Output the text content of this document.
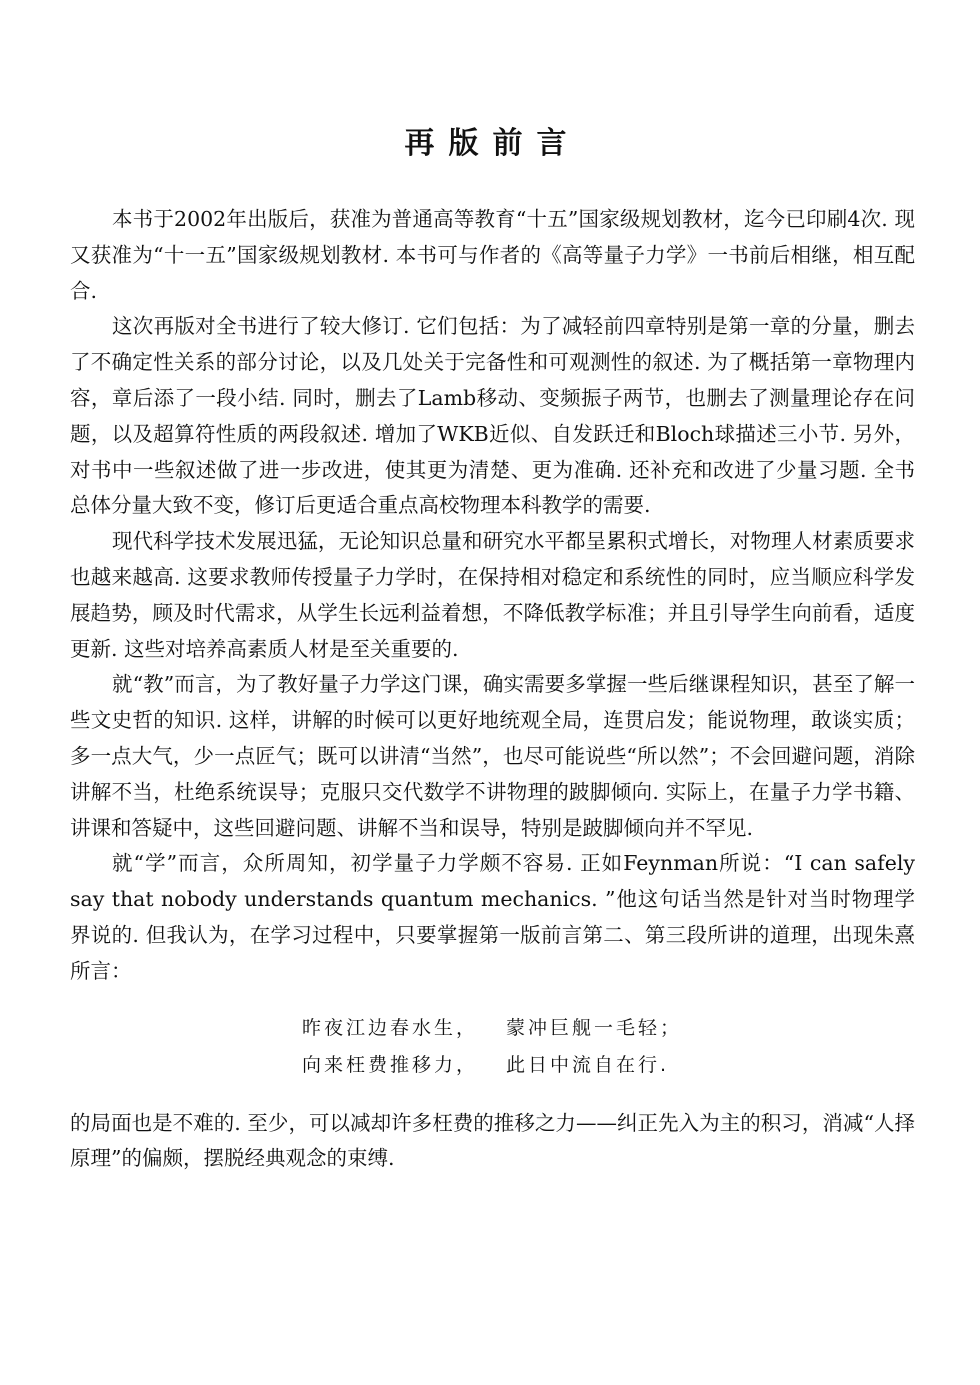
再版前言

本书于2002年出版后，获准为普通高等教育“十五”国家级规划教材，迄今已印刷4次. 现又获准为“十一五”国家级规划教材. 本书可与作者的《高等量子力学》一书前后相继，相互配合.

这次再版对全书进行了较大修订. 它们包括：为了减轻前四章特别是第一章的分量，删去了不确定性关系的部分讨论，以及几处关于完备性和可观测性的叙述. 为了概括第一章物理内容，章后添了一段小结. 同时，删去了Lamb移动、变频振子两节，也删去了测量理论存在问题，以及超算符性质的两段叙述. 增加了WKB近似、自发跃迁和Bloch球描述三小节. 另外，对书中一些叙述做了进一步改进，使其更为清楚、更为准确. 还补充和改进了少量习题. 全书总体分量大致不变，修订后更适合重点高校物理本科教学的需要.

现代科学技术发展迅猛，无论知识总量和研究水平都呈累积式增长，对物理人材素质要求也越来越高. 这要求教师传授量子力学时，在保持相对稳定和系统性的同时，应当顺应科学发展趋势，顾及时代需求，从学生长远利益着想，不降低教学标准；并且引导学生向前看，适度更新. 这些对培养高素质人材是至关重要的.

就“教”而言，为了教好量子力学这门课，确实需要多掌握一些后继课程知识，甚至了解一些文史哲的知识. 这样，讲解的时候可以更好地统观全局，连贯启发；能说物理，敢谈实质；多一点大气，少一点匠气；既可以讲清“当然”，也尽可能说些“所以然”；不会回避问题，消除讲解不当，杜绝系统误导；克服只交代数学不讲物理的跛脚倾向. 实际上，在量子力学书籍、讲课和答疑中，这些回避问题、讲解不当和误导，特别是跛脚倾向并不罕见.

就“学”而言，众所周知，初学量子力学颇不容易. 正如Feynman所说：“I can safely say that nobody understands quantum mechanics. ”他这句话当然是针对当时物理学界说的. 但我认为，在学习过程中，只要掌握第一版前言第二、第三段所讲的道理，出现朱熹所言：

昨夜江边春水生， 蒙冲巨舰一毛轻；
向来枉费推移力， 此日中流自在行.

的局面也是不难的. 至少，可以减却许多枉费的推移之力——纠正先入为主的积习，消减“人择原理”的偏颇，摆脱经典观念的束缚.
